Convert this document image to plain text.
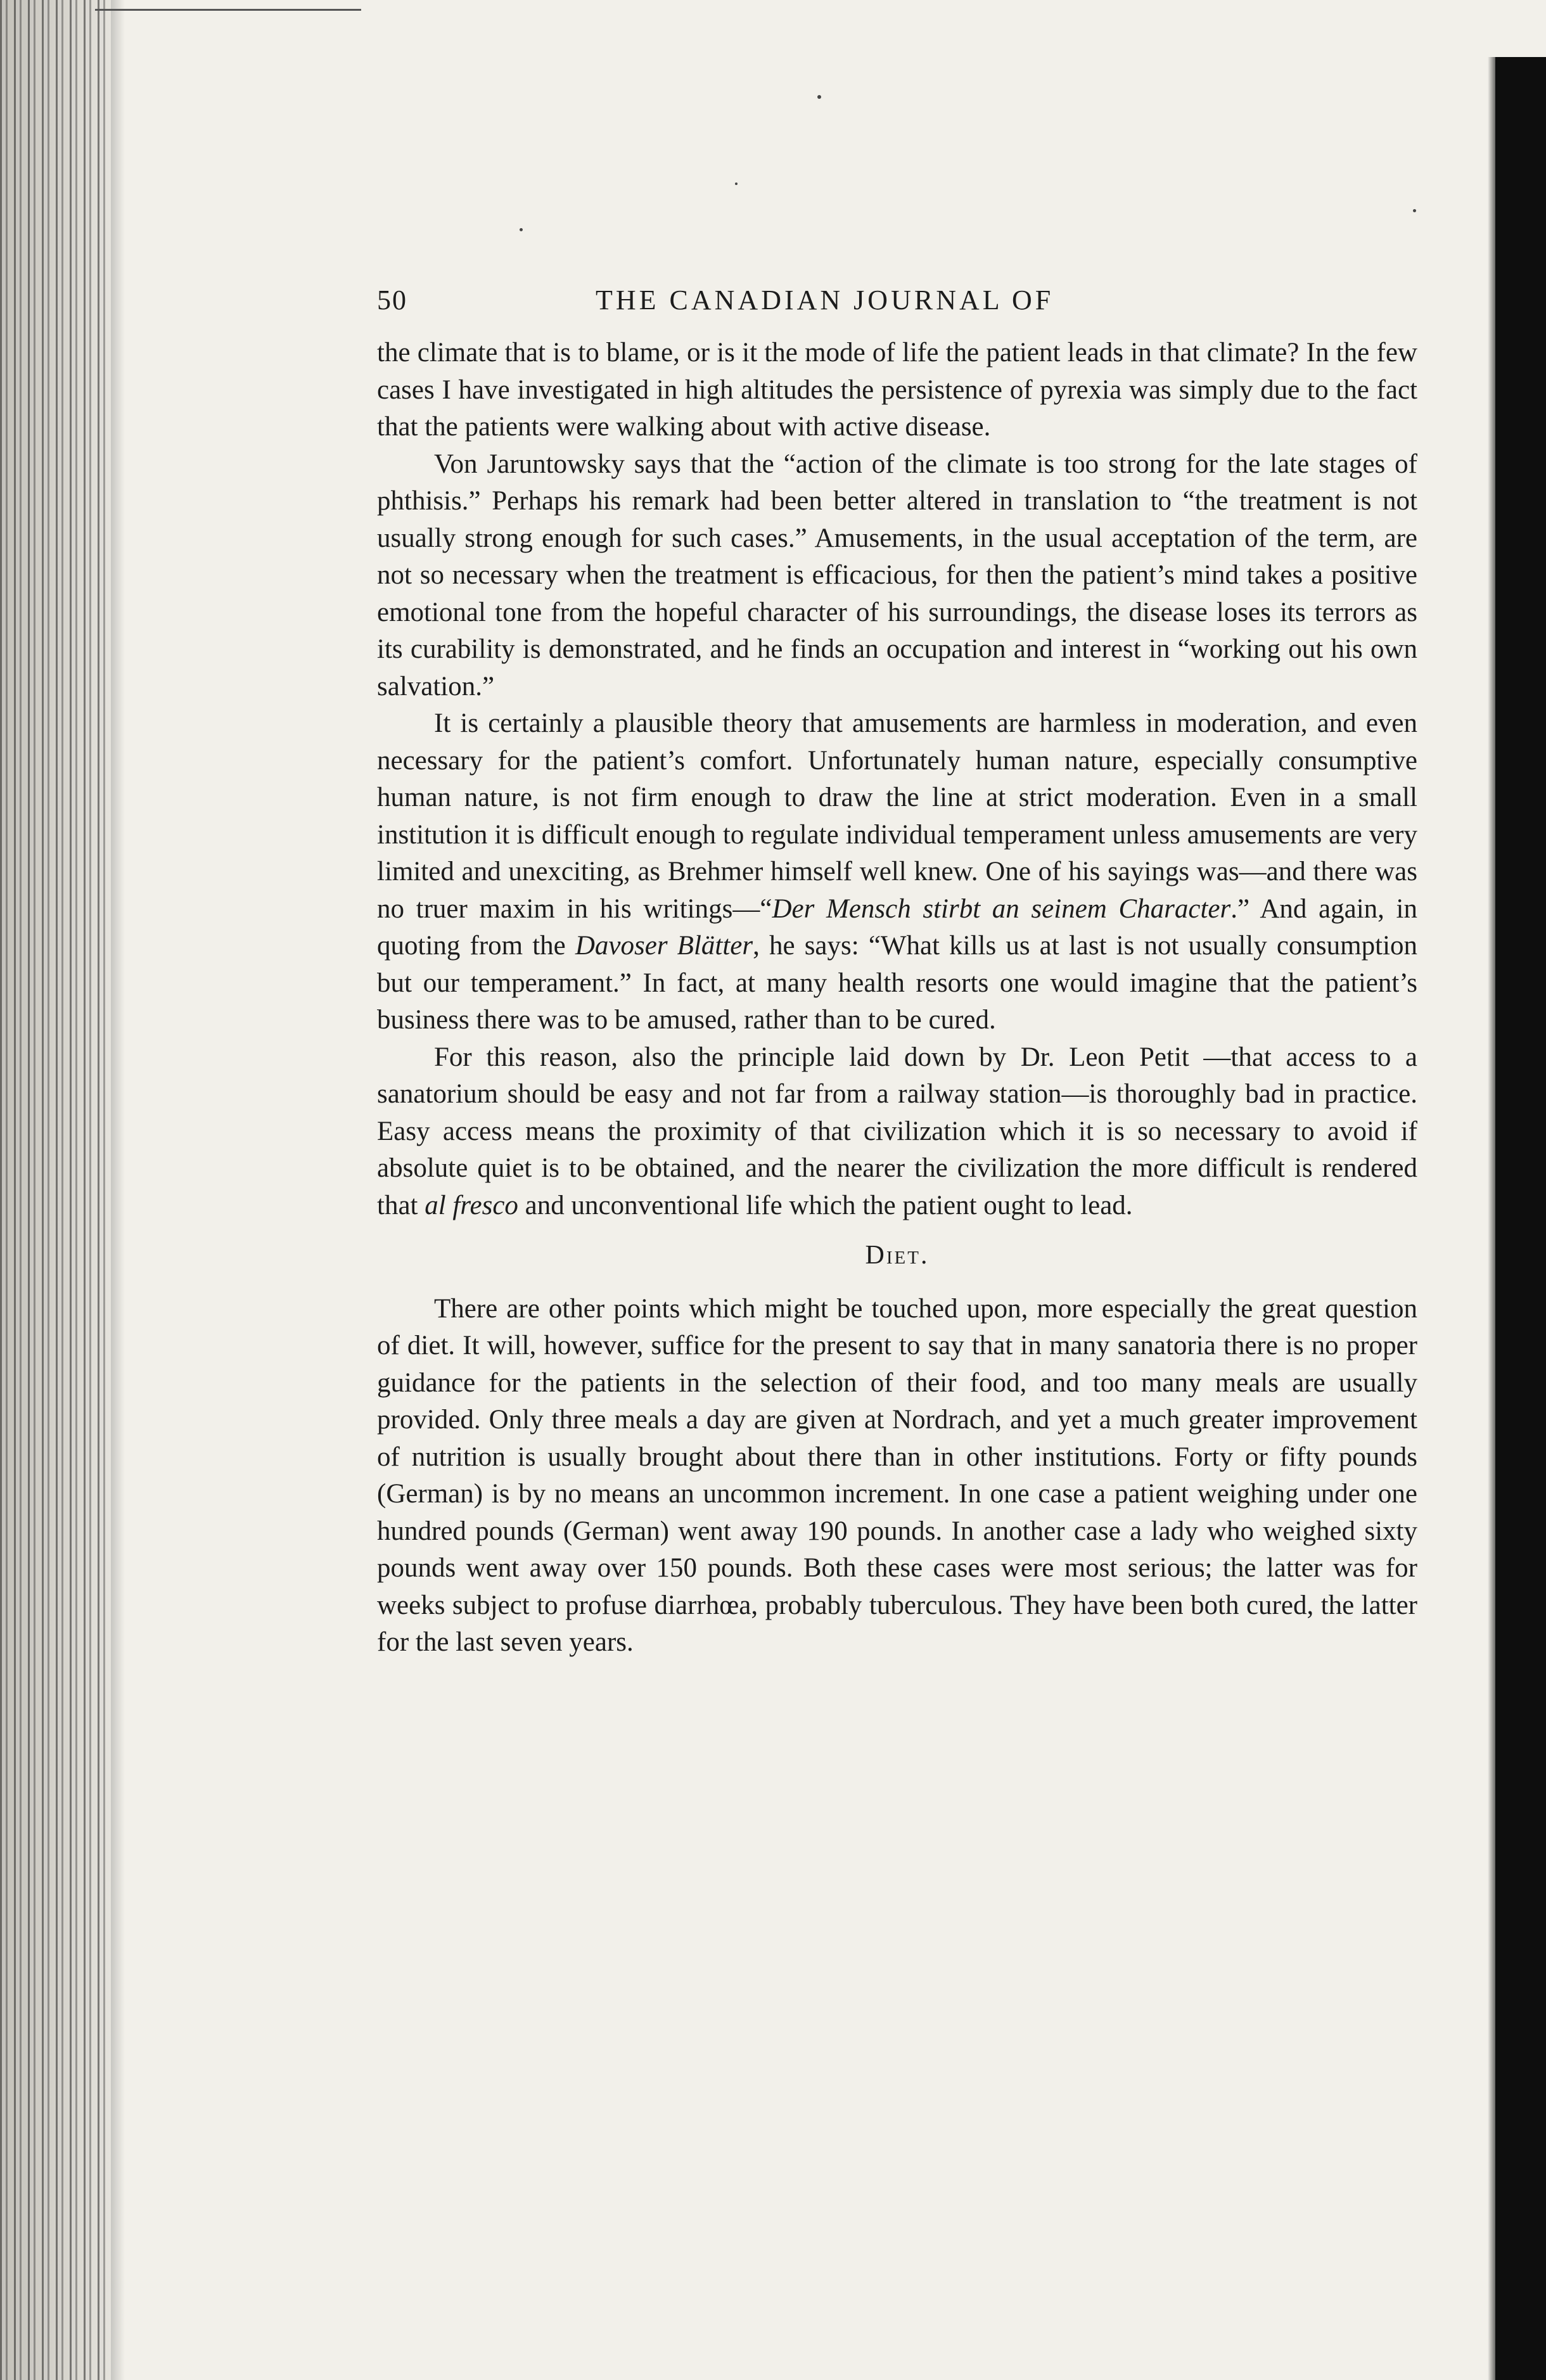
50	THE CANADIAN JOURNAL OF

the climate that is to blame, or is it the mode of life the patient leads in that climate? In the few cases I have investigated in high altitudes the persistence of pyrexia was simply due to the fact that the patients were walking about with active disease.

Von Jaruntowsky says that the “action of the climate is too strong for the late stages of phthisis.” Perhaps his remark had been better altered in translation to “the treatment is not usually strong enough for such cases.” Amusements, in the usual acceptation of the term, are not so necessary when the treatment is efficacious, for then the patient’s mind takes a positive emotional tone from the hopeful character of his surroundings, the disease loses its terrors as its curability is demonstrated, and he finds an occupation and interest in “working out his own salvation.”

It is certainly a plausible theory that amusements are harmless in moderation, and even necessary for the patient’s comfort. Unfortunately human nature, especially consumptive human nature, is not firm enough to draw the line at strict moderation. Even in a small institution it is difficult enough to regulate individual temperament unless amusements are very limited and unexciting, as Brehmer himself well knew. One of his sayings was—and there was no truer maxim in his writings—“Der Mensch stirbt an seinem Character.” And again, in quoting from the Davoser Blätter, he says: “What kills us at last is not usually consumption but our temperament.” In fact, at many health resorts one would imagine that the patient’s business there was to be amused, rather than to be cured.

For this reason, also the principle laid down by Dr. Leon Petit —that access to a sanatorium should be easy and not far from a railway station—is thoroughly bad in practice. Easy access means the proximity of that civilization which it is so necessary to avoid if absolute quiet is to be obtained, and the nearer the civilization the more difficult is rendered that al fresco and unconventional life which the patient ought to lead.

Diet.

There are other points which might be touched upon, more especially the great question of diet. It will, however, suffice for the present to say that in many sanatoria there is no proper guidance for the patients in the selection of their food, and too many meals are usually provided. Only three meals a day are given at Nordrach, and yet a much greater improvement of nutrition is usually brought about there than in other institutions. Forty or fifty pounds (German) is by no means an uncommon increment. In one case a patient weighing under one hundred pounds (German) went away 190 pounds. In another case a lady who weighed sixty pounds went away over 150 pounds. Both these cases were most serious; the latter was for weeks subject to profuse diarrhœa, probably tuberculous. They have been both cured, the latter for the last seven years.
